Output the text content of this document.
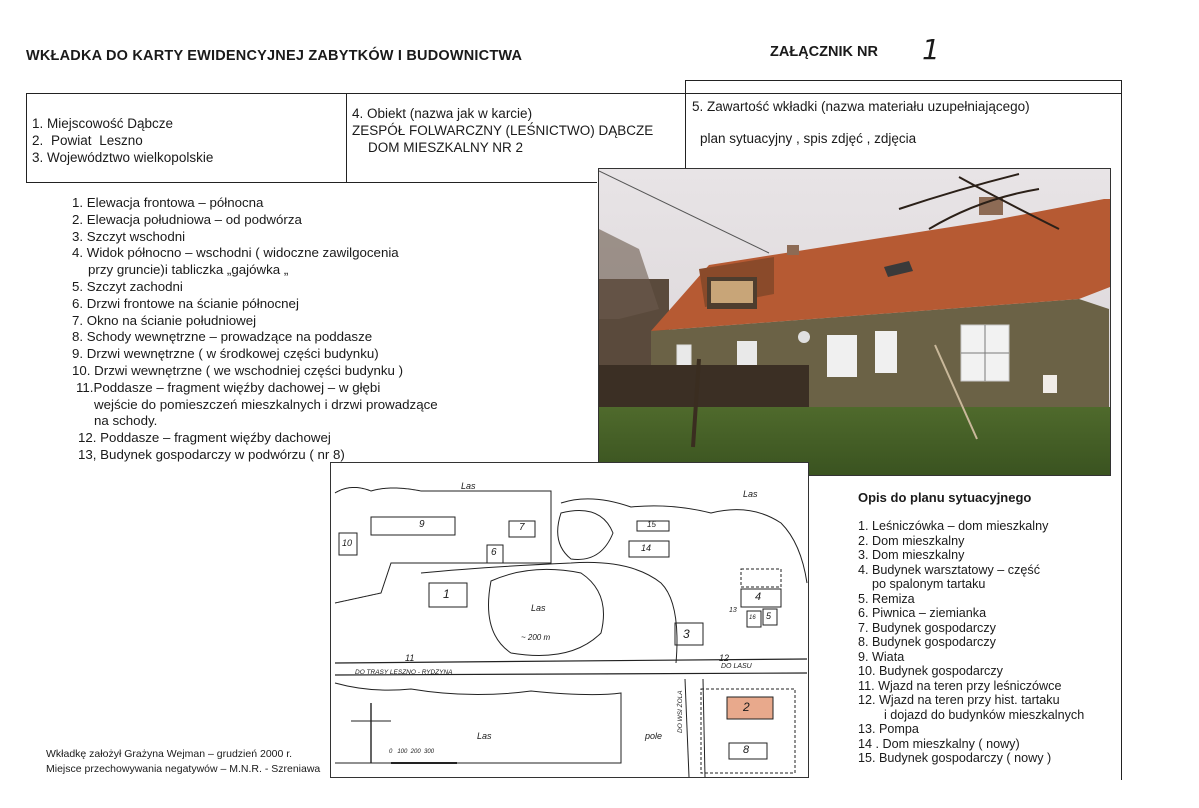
WKŁADKA DO KARTY EWIDENCYJNEJ ZABYTKÓW I BUDOWNICTWA	ZAŁĄCZNIK NR 1
1. Miejscowość Dąbcze
2. Powiat Leszno
3. Województwo wielkopolskie
4. Obiekt (nazwa jak w karcie)
ZESPÓŁ FOLWARCZNY (LEŚNICTWO) DĄBCZE
DOM MIESZKALNY NR 2
5. Zawartość wkładki (nazwa materiału uzupełniającego)
plan sytuacyjny , spis zdjęć , zdjęcia
1. Elewacja frontowa – północna
2. Elewacja południowa – od podwórza
3. Szczyt wschodni
4. Widok północno – wschodni ( widoczne zawilgocenia
przy gruncie)i tabliczka „gajówka „
5. Szczyt zachodni
6. Drzwi frontowe na ścianie północnej
7. Okno na ścianie południowej
8. Schody wewnętrzne – prowadzące na poddasze
9. Drzwi wewnętrzne ( w środkowej części budynku)
10. Drzwi wewnętrzne ( we wschodniej części budynku )
11.Poddasze – fragment więźby dachowej – w głębi
wejście do pomieszczeń mieszkalnych i drzwi prowadzące
na schody.
12. Poddasze – fragment więźby dachowej
13, Budynek gospodarczy w podwórzu ( nr 8)
Las
Las
Las
Las	pole
~ 200 m
DO TRASY LESZNO - RYDZYNA
DO LASU
DO WSI ŻOLA
0   100  200  300
9	7
6
10
1
15
14
4
5
16
3
2
8
11	12
13
Opis do planu sytuacyjnego
1. Leśniczówka – dom mieszkalny
2. Dom mieszkalny
3. Dom mieszkalny
4. Budynek warsztatowy – część
po spalonym tartaku
5. Remiza
6. Piwnica – ziemianka
7. Budynek gospodarczy
8. Budynek gospodarczy
9. Wiata
10. Budynek gospodarczy
11. Wjazd na teren przy leśniczówce
12. Wjazd na teren przy hist. tartaku
i dojazd do budynków mieszkalnych
13. Pompa
14 . Dom mieszkalny ( nowy)
15. Budynek gospodarczy ( nowy )
Wkładkę założył Grażyna Wejman – grudzień 2000 r.
Miejsce przechowywania negatywów – M.N.R. - Szreniawa
